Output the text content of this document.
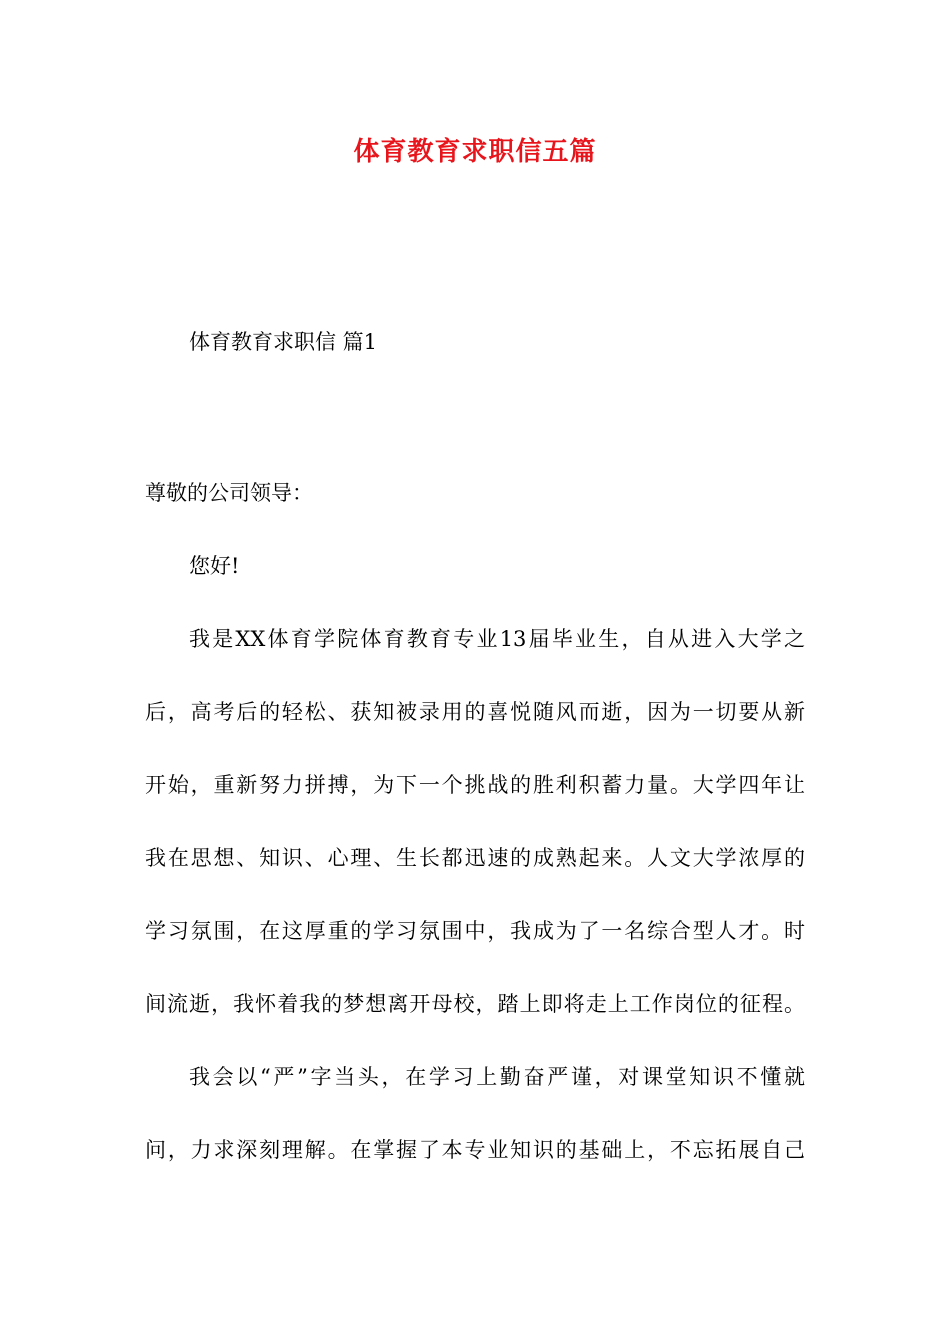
体育教育求职信五篇
体育教育求职信 篇1
尊敬的公司领导：
您好!
我是XX体育学院体育教育专业13届毕业生，自从进入大学之
后，高考后的轻松、获知被录用的喜悦随风而逝，因为一切要从新
开始，重新努力拼搏，为下一个挑战的胜利积蓄力量。大学四年让
我在思想、知识、心理、生长都迅速的成熟起来。人文大学浓厚的
学习氛围，在这厚重的学习氛围中，我成为了一名综合型人才。时
间流逝，我怀着我的梦想离开母校，踏上即将走上工作岗位的征程。
我会以“严”字当头，在学习上勤奋严谨，对课堂知识不懂就
问，力求深刻理解。在掌握了本专业知识的基础上，不忘拓展自己
